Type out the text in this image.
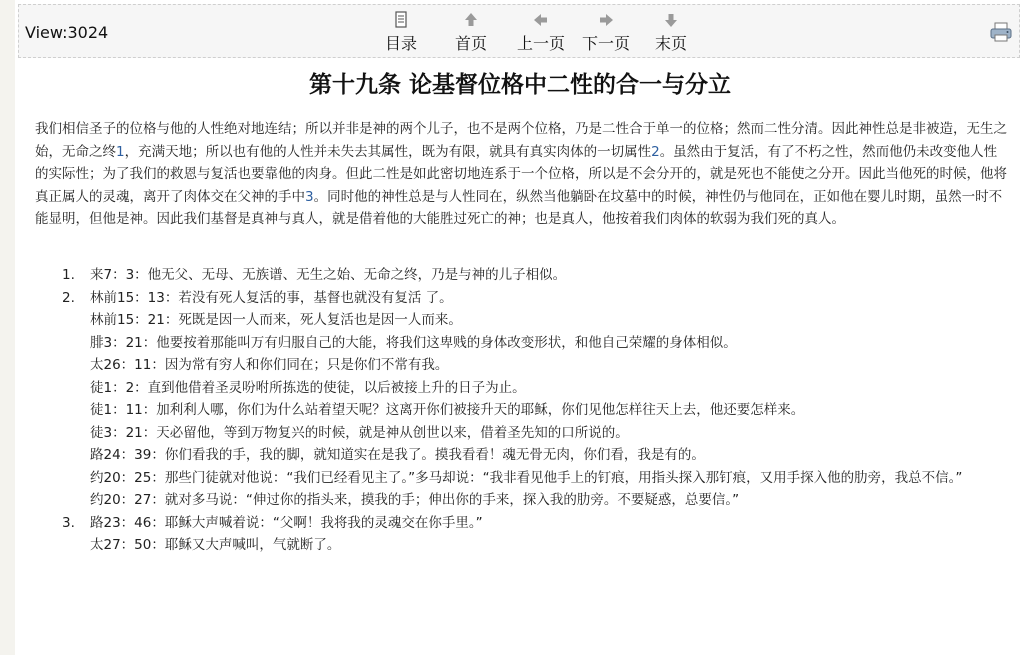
View:3024
目录	首页	上一页	下一页	末页
第十九条 论基督位格中二性的合一与分立

我们相信圣子的位格与他的人性绝对地连结；所以并非是神的两个儿子，也不是两个位格，乃是二性合于单一的位格；然而二性分清。因此神性总是非被造，无生之始，无命之终1，充满天地；所以也有他的人性并未失去其属性，既为有限，就具有真实肉体的一切属性2。虽然由于复活，有了不朽之性，然而他仍未改变他人性的实际性；为了我们的救恩与复活也要靠他的肉身。但此二性是如此密切地连系于一个位格，所以是不会分开的，就是死也不能使之分开。因此当他死的时候，他将真正属人的灵魂，离开了肉体交在父神的手中3。同时他的神性总是与人性同在，纵然当他躺卧在坟墓中的时候，神性仍与他同在，正如他在婴儿时期，虽然一时不能显明，但他是神。因此我们基督是真神与真人，就是借着他的大能胜过死亡的神；也是真人，他按着我们肉体的软弱为我们死的真人。

1. 来7：3：他无父、无母、无族谱、无生之始、无命之终，乃是与神的儿子相似。
2. 林前15：13：若没有死人复活的事，基督也就没有复活 了。
林前15：21：死既是因一人而来，死人复活也是因一人而来。
腓3：21：他要按着那能叫万有归服自己的大能，将我们这卑贱的身体改变形状，和他自己荣耀的身体相似。
太26：11：因为常有穷人和你们同在；只是你们不常有我。
徒1：2：直到他借着圣灵吩咐所拣选的使徒，以后被接上升的日子为止。
徒1：11：加利利人哪，你们为什么站着望天呢？这离开你们被接升天的耶稣，你们见他怎样往天上去，他还要怎样来。
徒3：21：天必留他，等到万物复兴的时候，就是神从创世以来，借着圣先知的口所说的。
路24：39：你们看我的手，我的脚，就知道实在是我了。摸我看看！魂无骨无肉，你们看，我是有的。
约20：25：那些门徒就对他说：“我们已经看见主了。”多马却说：“我非看见他手上的钉痕，用指头探入那钉痕，又用手探入他的肋旁，我总不信。”
约20：27：就对多马说：“伸过你的指头来，摸我的手；伸出你的手来，探入我的肋旁。不要疑惑，总要信。”
3. 路23：46：耶稣大声喊着说：“父啊！我将我的灵魂交在你手里。”
太27：50：耶稣又大声喊叫，气就断了。
